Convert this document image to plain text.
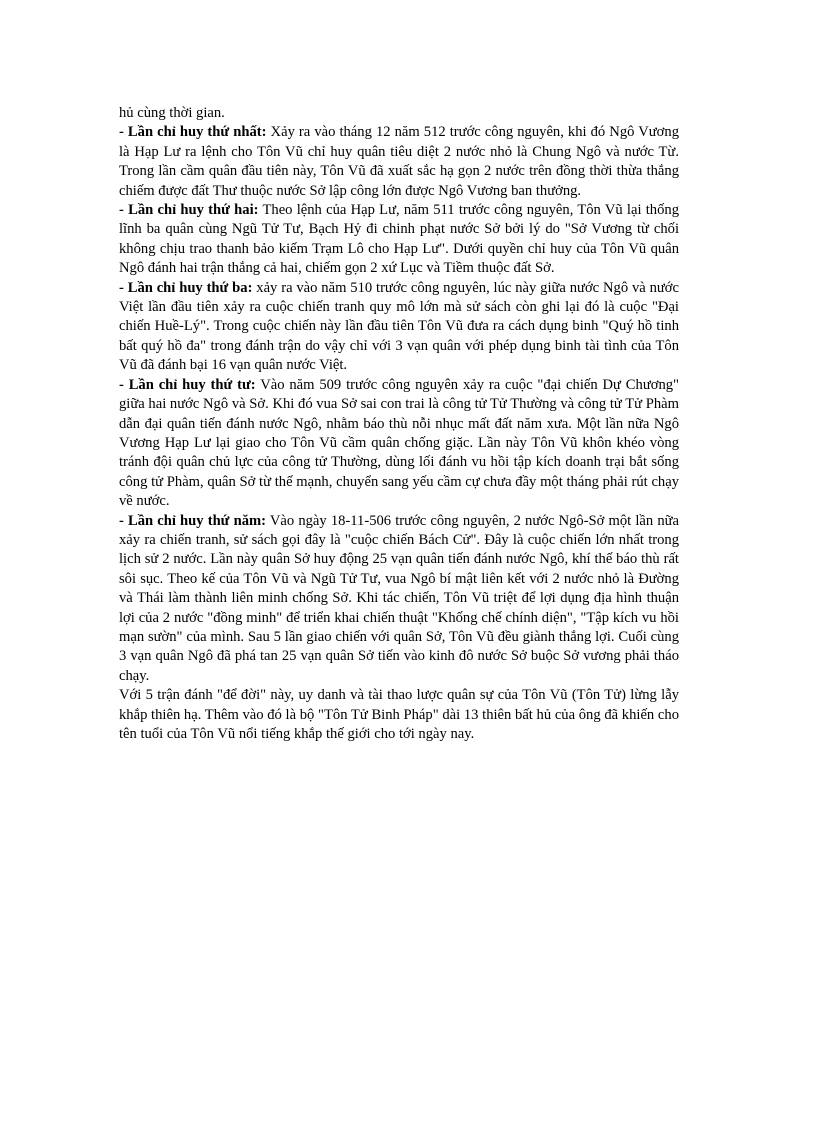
hủ cùng thời gian.

- Lần chỉ huy thứ nhất: Xảy ra vào tháng 12 năm 512 trước công nguyên, khi đó Ngô Vương là Hạp Lư ra lệnh cho Tôn Vũ chỉ huy quân tiêu diệt 2 nước nhỏ là Chung Ngô và nước Từ. Trong lần cầm quân đầu tiên này, Tôn Vũ đã xuất sắc hạ gọn 2 nước trên đồng thời thừa thắng chiếm được đất Thư thuộc nước Sở lập công lớn được Ngô Vương ban thưởng.

- Lần chỉ huy thứ hai: Theo lệnh của Hạp Lư, năm 511 trước công nguyên, Tôn Vũ lại thống lĩnh ba quân cùng Ngũ Tử Tư, Bạch Hỷ đi chinh phạt nước Sở bởi lý do "Sở Vương từ chối không chịu trao thanh bảo kiếm Trạm Lô cho Hạp Lư". Dưới quyền chỉ huy của Tôn Vũ quân Ngô đánh hai trận thắng cả hai, chiếm gọn 2 xứ Lục và Tiềm thuộc đất Sở.

- Lần chỉ huy thứ ba: xảy ra vào năm 510 trước công nguyên, lúc này giữa nước Ngô và nước Việt lần đầu tiên xảy ra cuộc chiến tranh quy mô lớn mà sử sách còn ghi lại đó là cuộc "Đại chiến Huề-Lý". Trong cuộc chiến này lần đầu tiên Tôn Vũ đưa ra cách dụng binh "Quý hồ tinh bất quý hồ đa" trong đánh trận do vậy chỉ với 3 vạn quân với phép dụng binh tài tình của Tôn Vũ đã đánh bại 16 vạn quân nước Việt.

- Lần chỉ huy thứ tư: Vào năm 509 trước công nguyên xảy ra cuộc "đại chiến Dự Chương" giữa hai nước Ngô và Sở. Khi đó vua Sở sai con trai là công tử Tử Thường và công tử Tử Phàm dẫn đại quân tiến đánh nước Ngô, nhằm báo thù nỗi nhục mất đất năm xưa. Một lần nữa Ngô Vương Hạp Lư lại giao cho Tôn Vũ cầm quân chống giặc. Lần này Tôn Vũ khôn khéo vòng tránh đội quân chủ lực của công tử Thường, dùng lối đánh vu hồi tập kích doanh trại bắt sống công tử Phàm, quân Sở từ thế mạnh, chuyển sang yếu cầm cự chưa đầy một tháng phải rút chạy về nước.

- Lần chỉ huy thứ năm: Vào ngày 18-11-506 trước công nguyên, 2 nước Ngô-Sở một lần nữa xảy ra chiến tranh, sử sách gọi đây là "cuộc chiến Bách Cử". Đây là cuộc chiến lớn nhất trong lịch sử 2 nước. Lần này quân Sở huy động 25 vạn quân tiến đánh nước Ngô, khí thế báo thù rất sôi sục. Theo kế của Tôn Vũ và Ngũ Tử Tư, vua Ngô bí mật liên kết với 2 nước nhỏ là Đường và Thái làm thành liên minh chống Sở. Khi tác chiến, Tôn Vũ triệt để lợi dụng địa hình thuận lợi của 2 nước "đồng minh" để triển khai chiến thuật "Khống chế chính diện", "Tập kích vu hồi mạn sườn" của mình. Sau 5 lần giao chiến với quân Sở, Tôn Vũ đều giành thắng lợi. Cuối cùng 3 vạn quân Ngô đã phá tan 25 vạn quân Sở tiến vào kinh đô nước Sở buộc Sở vương phải tháo chạy.

Với 5 trận đánh "để đời" này, uy danh và tài thao lược quân sự của Tôn Vũ (Tôn Tử) lừng lẫy khắp thiên hạ. Thêm vào đó là bộ "Tôn Tử Binh Pháp" dài 13 thiên bất hủ của ông đã khiến cho tên tuổi của Tôn Vũ nổi tiếng khắp thế giới cho tới ngày nay.
